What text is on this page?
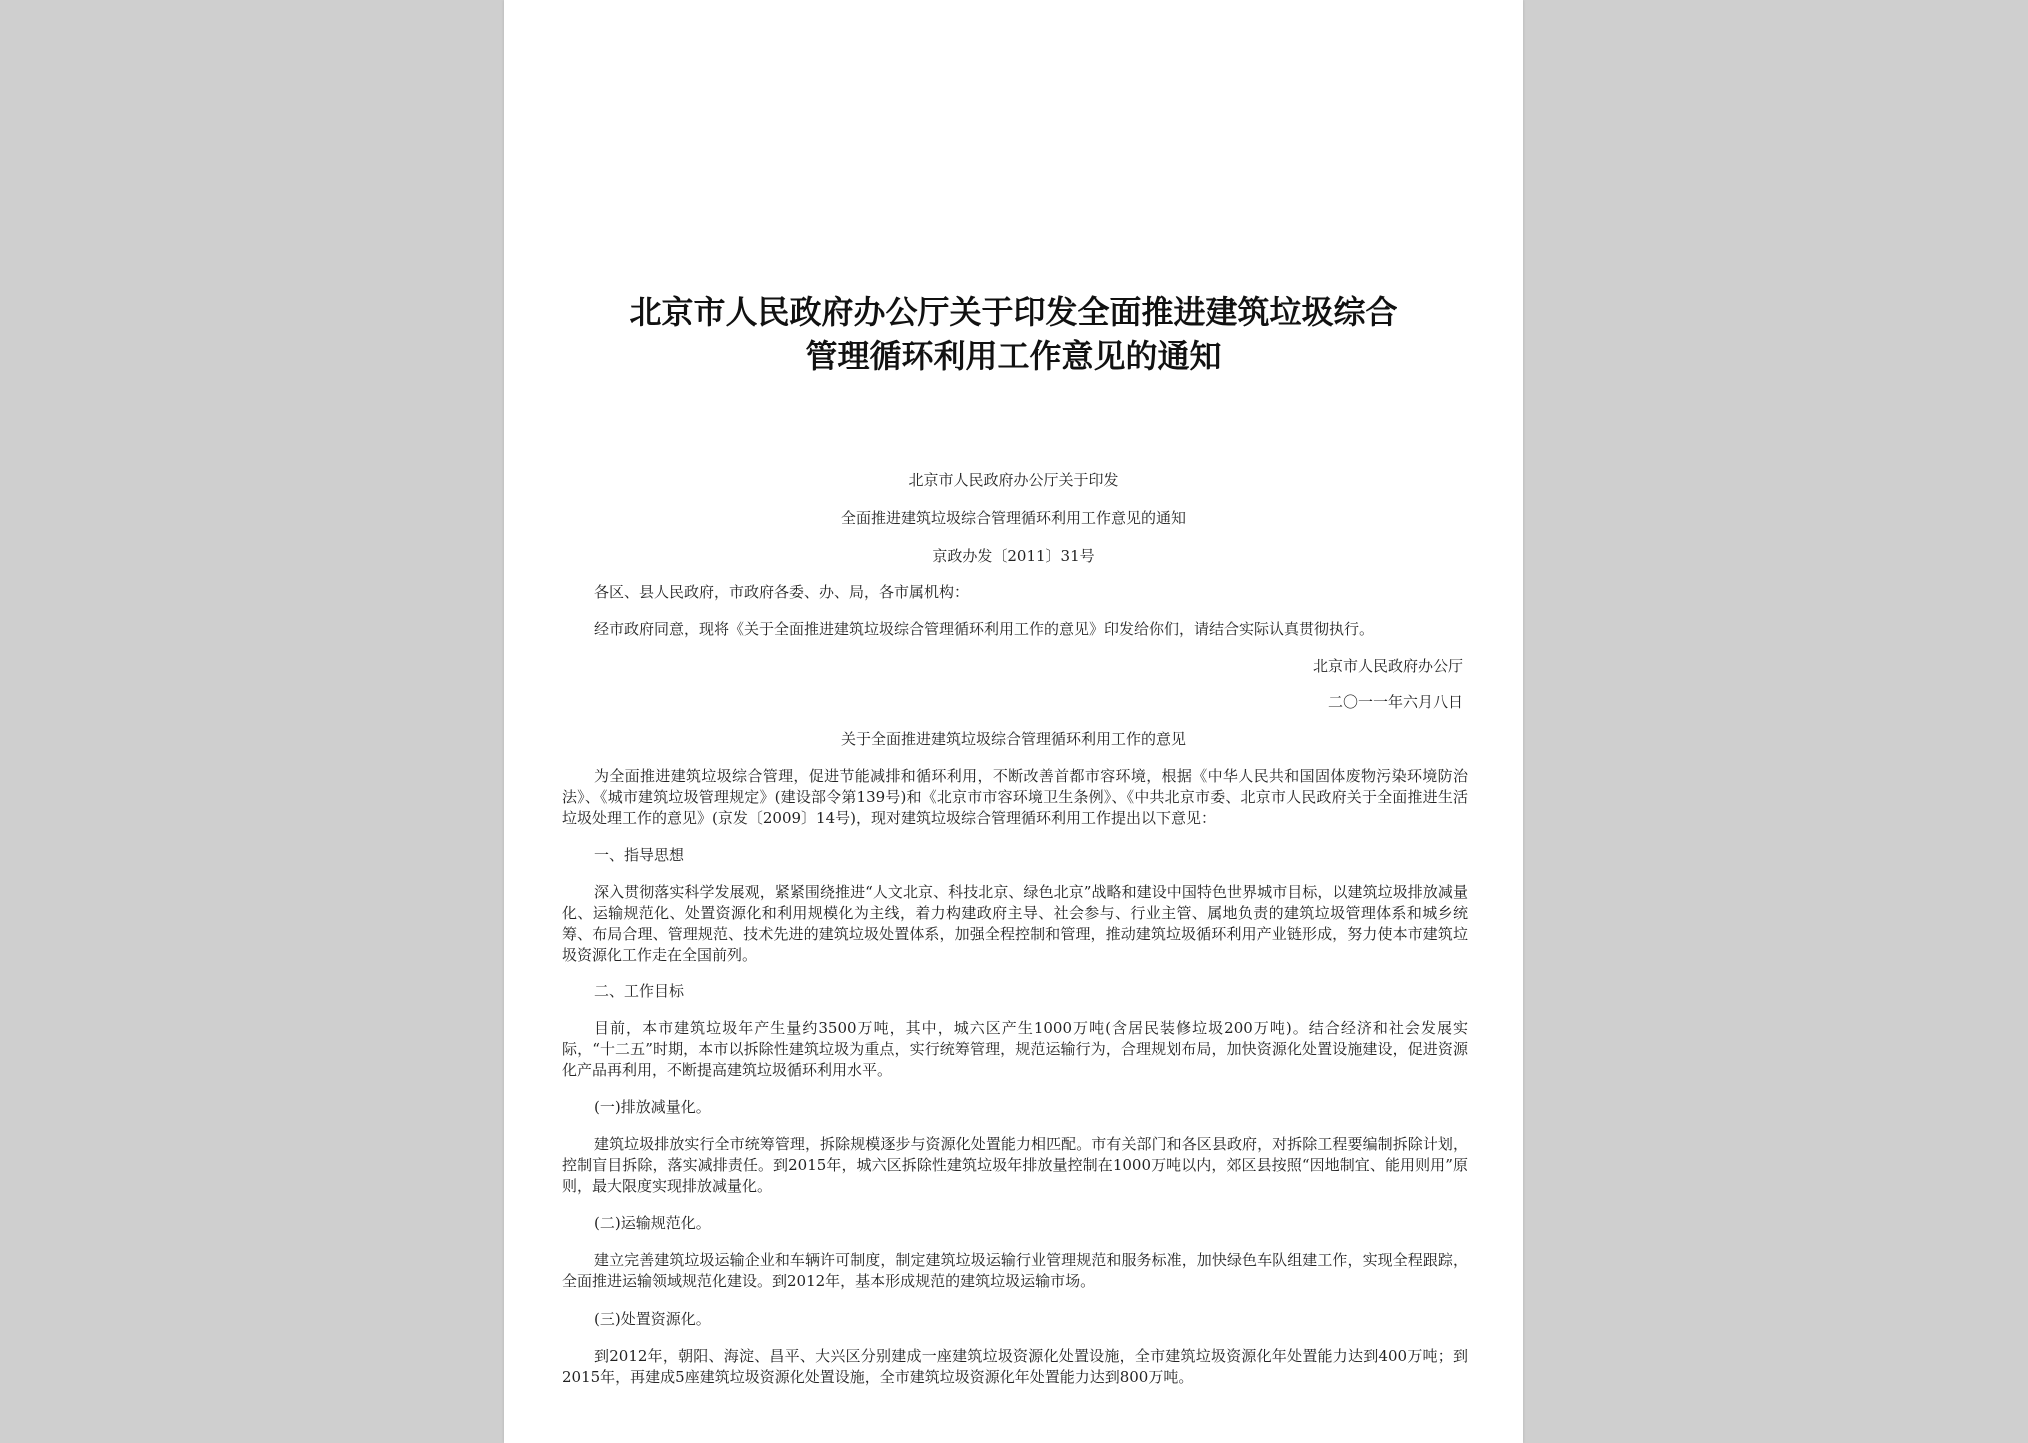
北京市人民政府办公厅关于印发全面推进建筑垃圾综合
管理循环利用工作意见的通知
北京市人民政府办公厅关于印发
全面推进建筑垃圾综合管理循环利用工作意见的通知
京政办发〔2011〕31号
各区、县人民政府，市政府各委、办、局，各市属机构：
经市政府同意，现将《关于全面推进建筑垃圾综合管理循环利用工作的意见》印发给你们，请结合实际认真贯彻执行。
北京市人民政府办公厅
二〇一一年六月八日
关于全面推进建筑垃圾综合管理循环利用工作的意见
为全面推进建筑垃圾综合管理，促进节能减排和循环利用，不断改善首都市容环境，根据《中华人民共和国固体废物污染环境防治法》、《城市建筑垃圾管理规定》(建设部令第139号)和《北京市市容环境卫生条例》、《中共北京市委、北京市人民政府关于全面推进生活垃圾处理工作的意见》(京发〔2009〕14号)，现对建筑垃圾综合管理循环利用工作提出以下意见：
一、指导思想
深入贯彻落实科学发展观，紧紧围绕推进“人文北京、科技北京、绿色北京”战略和建设中国特色世界城市目标，以建筑垃圾排放减量化、运输规范化、处置资源化和利用规模化为主线，着力构建政府主导、社会参与、行业主管、属地负责的建筑垃圾管理体系和城乡统筹、布局合理、管理规范、技术先进的建筑垃圾处置体系，加强全程控制和管理，推动建筑垃圾循环利用产业链形成，努力使本市建筑垃圾资源化工作走在全国前列。
二、工作目标
目前，本市建筑垃圾年产生量约3500万吨，其中，城六区产生1000万吨(含居民装修垃圾200万吨)。结合经济和社会发展实际，“十二五”时期，本市以拆除性建筑垃圾为重点，实行统筹管理，规范运输行为，合理规划布局，加快资源化处置设施建设，促进资源化产品再利用，不断提高建筑垃圾循环利用水平。
(一)排放减量化。
建筑垃圾排放实行全市统筹管理，拆除规模逐步与资源化处置能力相匹配。市有关部门和各区县政府，对拆除工程要编制拆除计划，控制盲目拆除，落实减排责任。到2015年，城六区拆除性建筑垃圾年排放量控制在1000万吨以内，郊区县按照“因地制宜、能用则用”原则，最大限度实现排放减量化。
(二)运输规范化。
建立完善建筑垃圾运输企业和车辆许可制度，制定建筑垃圾运输行业管理规范和服务标准，加快绿色车队组建工作，实现全程跟踪，全面推进运输领域规范化建设。到2012年，基本形成规范的建筑垃圾运输市场。
(三)处置资源化。
到2012年，朝阳、海淀、昌平、大兴区分别建成一座建筑垃圾资源化处置设施，全市建筑垃圾资源化年处置能力达到400万吨；到2015年，再建成5座建筑垃圾资源化处置设施，全市建筑垃圾资源化年处置能力达到800万吨。
